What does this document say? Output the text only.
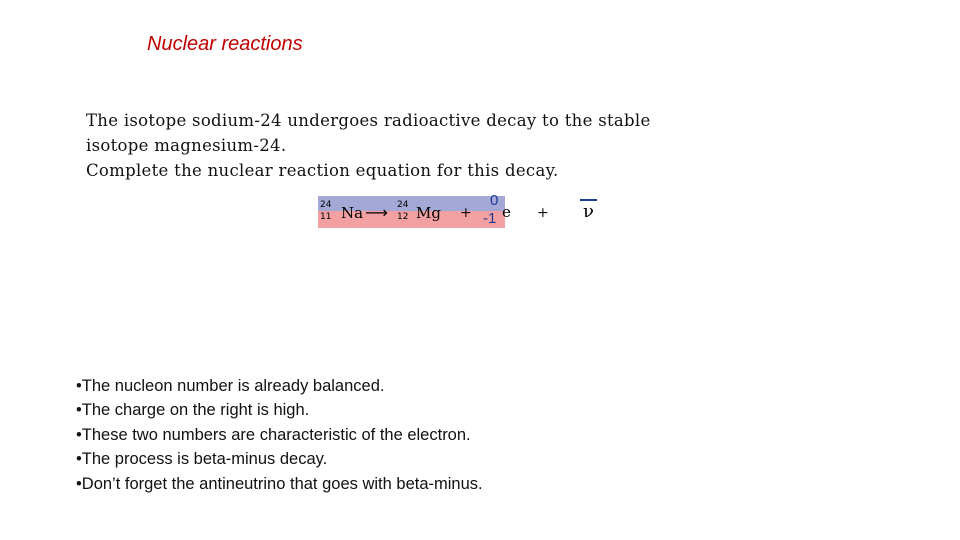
Nuclear reactions
The isotope sodium-24 undergoes radioactive decay to the stable
isotope magnesium-24.
Complete the nuclear reaction equation for this decay.
24
11 Na ⟶ 24
12 Mg +
0
-1 e + ν
•The nucleon number is already balanced.
•The charge on the right is high.
•These two numbers are characteristic of the electron.
•The process is beta-minus decay.
•Don’t forget the antineutrino that goes with beta-minus.
